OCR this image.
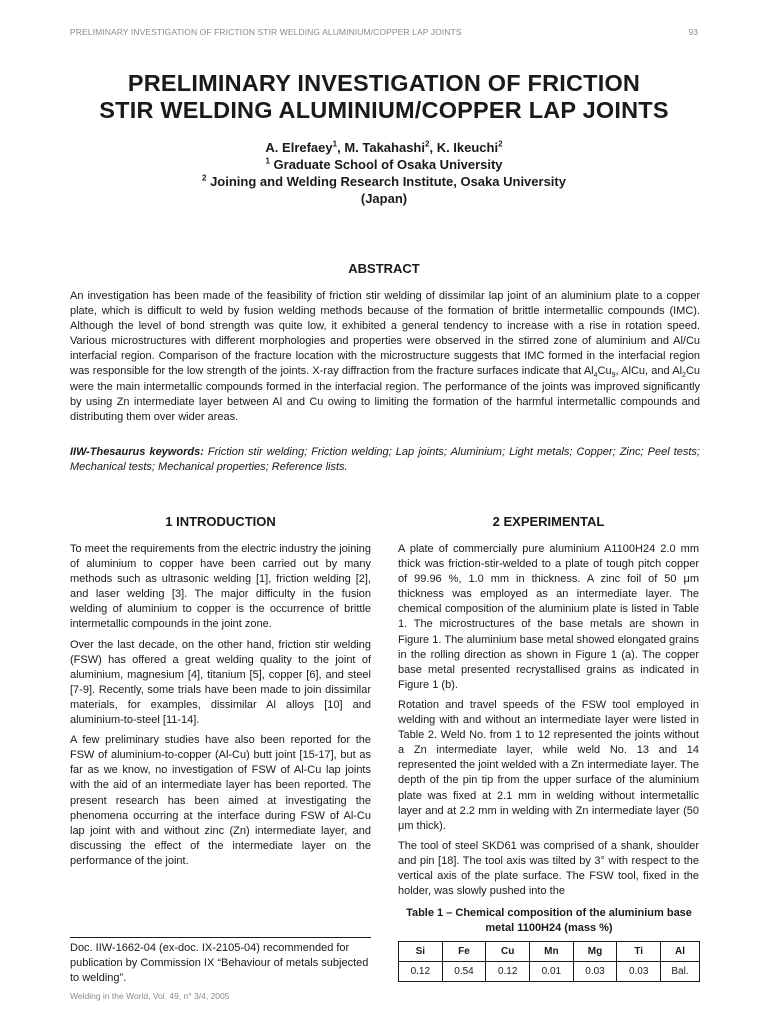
PRELIMINARY INVESTIGATION OF FRICTION STIR WELDING ALUMINIUM/COPPER LAP JOINTS	93
PRELIMINARY INVESTIGATION OF FRICTION
STIR WELDING ALUMINIUM/COPPER LAP JOINTS
A. Elrefaey$^1$, M. Takahashi$^2$, K. Ikeuchi$^2$
$^1$ Graduate School of Osaka University
$^2$ Joining and Welding Research Institute, Osaka University
(Japan)
ABSTRACT

An investigation has been made of the feasibility of friction stir welding of dissimilar lap joint of an aluminium plate to a copper plate, which is difficult to weld by fusion welding methods because of the formation of brittle intermetallic compounds (IMC). Although the level of bond strength was quite low, it exhibited a general tendency to increase with a rise in rotation speed. Various microstructures with different morphologies and properties were observed in the stirred zone of aluminium and Al/Cu interfacial region. Comparison of the fracture location with the microstructure suggests that IMC formed in the interfacial region was responsible for the low strength of the joints. X-ray diffraction from the fracture surfaces indicate that $Al_4Cu_9$, AlCu, and $Al_2Cu$ were the main intermetallic compounds formed in the interfacial region. The performance of the joints was improved significantly by using Zn intermediate layer between Al and Cu owing to limiting the formation of the harmful intermetallic compounds and distributing them over wider areas.

IIW-Thesaurus keywords: Friction stir welding; Friction welding; Lap joints; Aluminium; Light metals; Copper; Zinc; Peel tests; Mechanical tests; Mechanical properties; Reference lists.

1 INTRODUCTION

To meet the requirements from the electric industry the joining of aluminium to copper have been carried out by many methods such as ultrasonic welding [1], friction welding [2], and laser welding [3]. The major difficulty in the fusion welding of aluminium to copper is the occurrence of brittle intermetallic compounds in the joint zone.

Over the last decade, on the other hand, friction stir welding (FSW) has offered a great welding quality to the joint of aluminium, magnesium [4], titanium [5], copper [6], and steel [7-9]. Recently, some trials have been made to join dissimilar materials, for examples, dissimilar Al alloys [10] and aluminium-to-steel [11-14].

A few preliminary studies have also been reported for the FSW of aluminium-to-copper (Al-Cu) butt joint [15-17], but as far as we know, no investigation of FSW of Al-Cu lap joints with the aid of an intermediate layer has been reported. The present research has been aimed at investigating the phenomena occurring at the interface during FSW of Al-Cu lap joint with and without zinc (Zn) intermediate layer, and discussing the effect of the intermediate layer on the performance of the joint.

2 EXPERIMENTAL

A plate of commercially pure aluminium A1100H24 2.0 mm thick was friction-stir-welded to a plate of tough pitch copper of 99.96 %, 1.0 mm in thickness. A zinc foil of 50 μm thickness was employed as an intermediate layer. The chemical composition of the aluminium plate is listed in Table 1. The microstructures of the base metals are shown in Figure 1. The aluminium base metal showed elongated grains in the rolling direction as shown in Figure 1 (a). The copper base metal presented recrystallised grains as indicated in Figure 1 (b).

Rotation and travel speeds of the FSW tool employed in welding with and without an intermediate layer were listed in Table 2. Weld No. from 1 to 12 represented the joints without a Zn intermediate layer, while weld No. 13 and 14 represented the joint welded with a Zn intermediate layer. The depth of the pin tip from the upper surface of the aluminium plate was fixed at 2.1 mm in welding without intermetallic layer and at 2.2 mm in welding with Zn intermediate layer (50 μm thick).

The tool of steel SKD61 was comprised of a shank, shoulder and pin [18]. The tool axis was tilted by 3° with respect to the vertical axis of the plate surface. The FSW tool, fixed in the holder, was slowly pushed into the

Table 1 – Chemical composition of the aluminium base metal 1100H24 (mass %)
Si	Fe	Cu	Mn	Mg	Ti	Al
0.12	0.54	0.12	0.01	0.03	0.03	Bal.
Doc. IIW-1662-04 (ex-doc. IX-2105-04) recommended for publication by Commission IX “Behaviour of metals subjected to welding”.
Welding in the World, Vol. 49, n° 3/4, 2005
